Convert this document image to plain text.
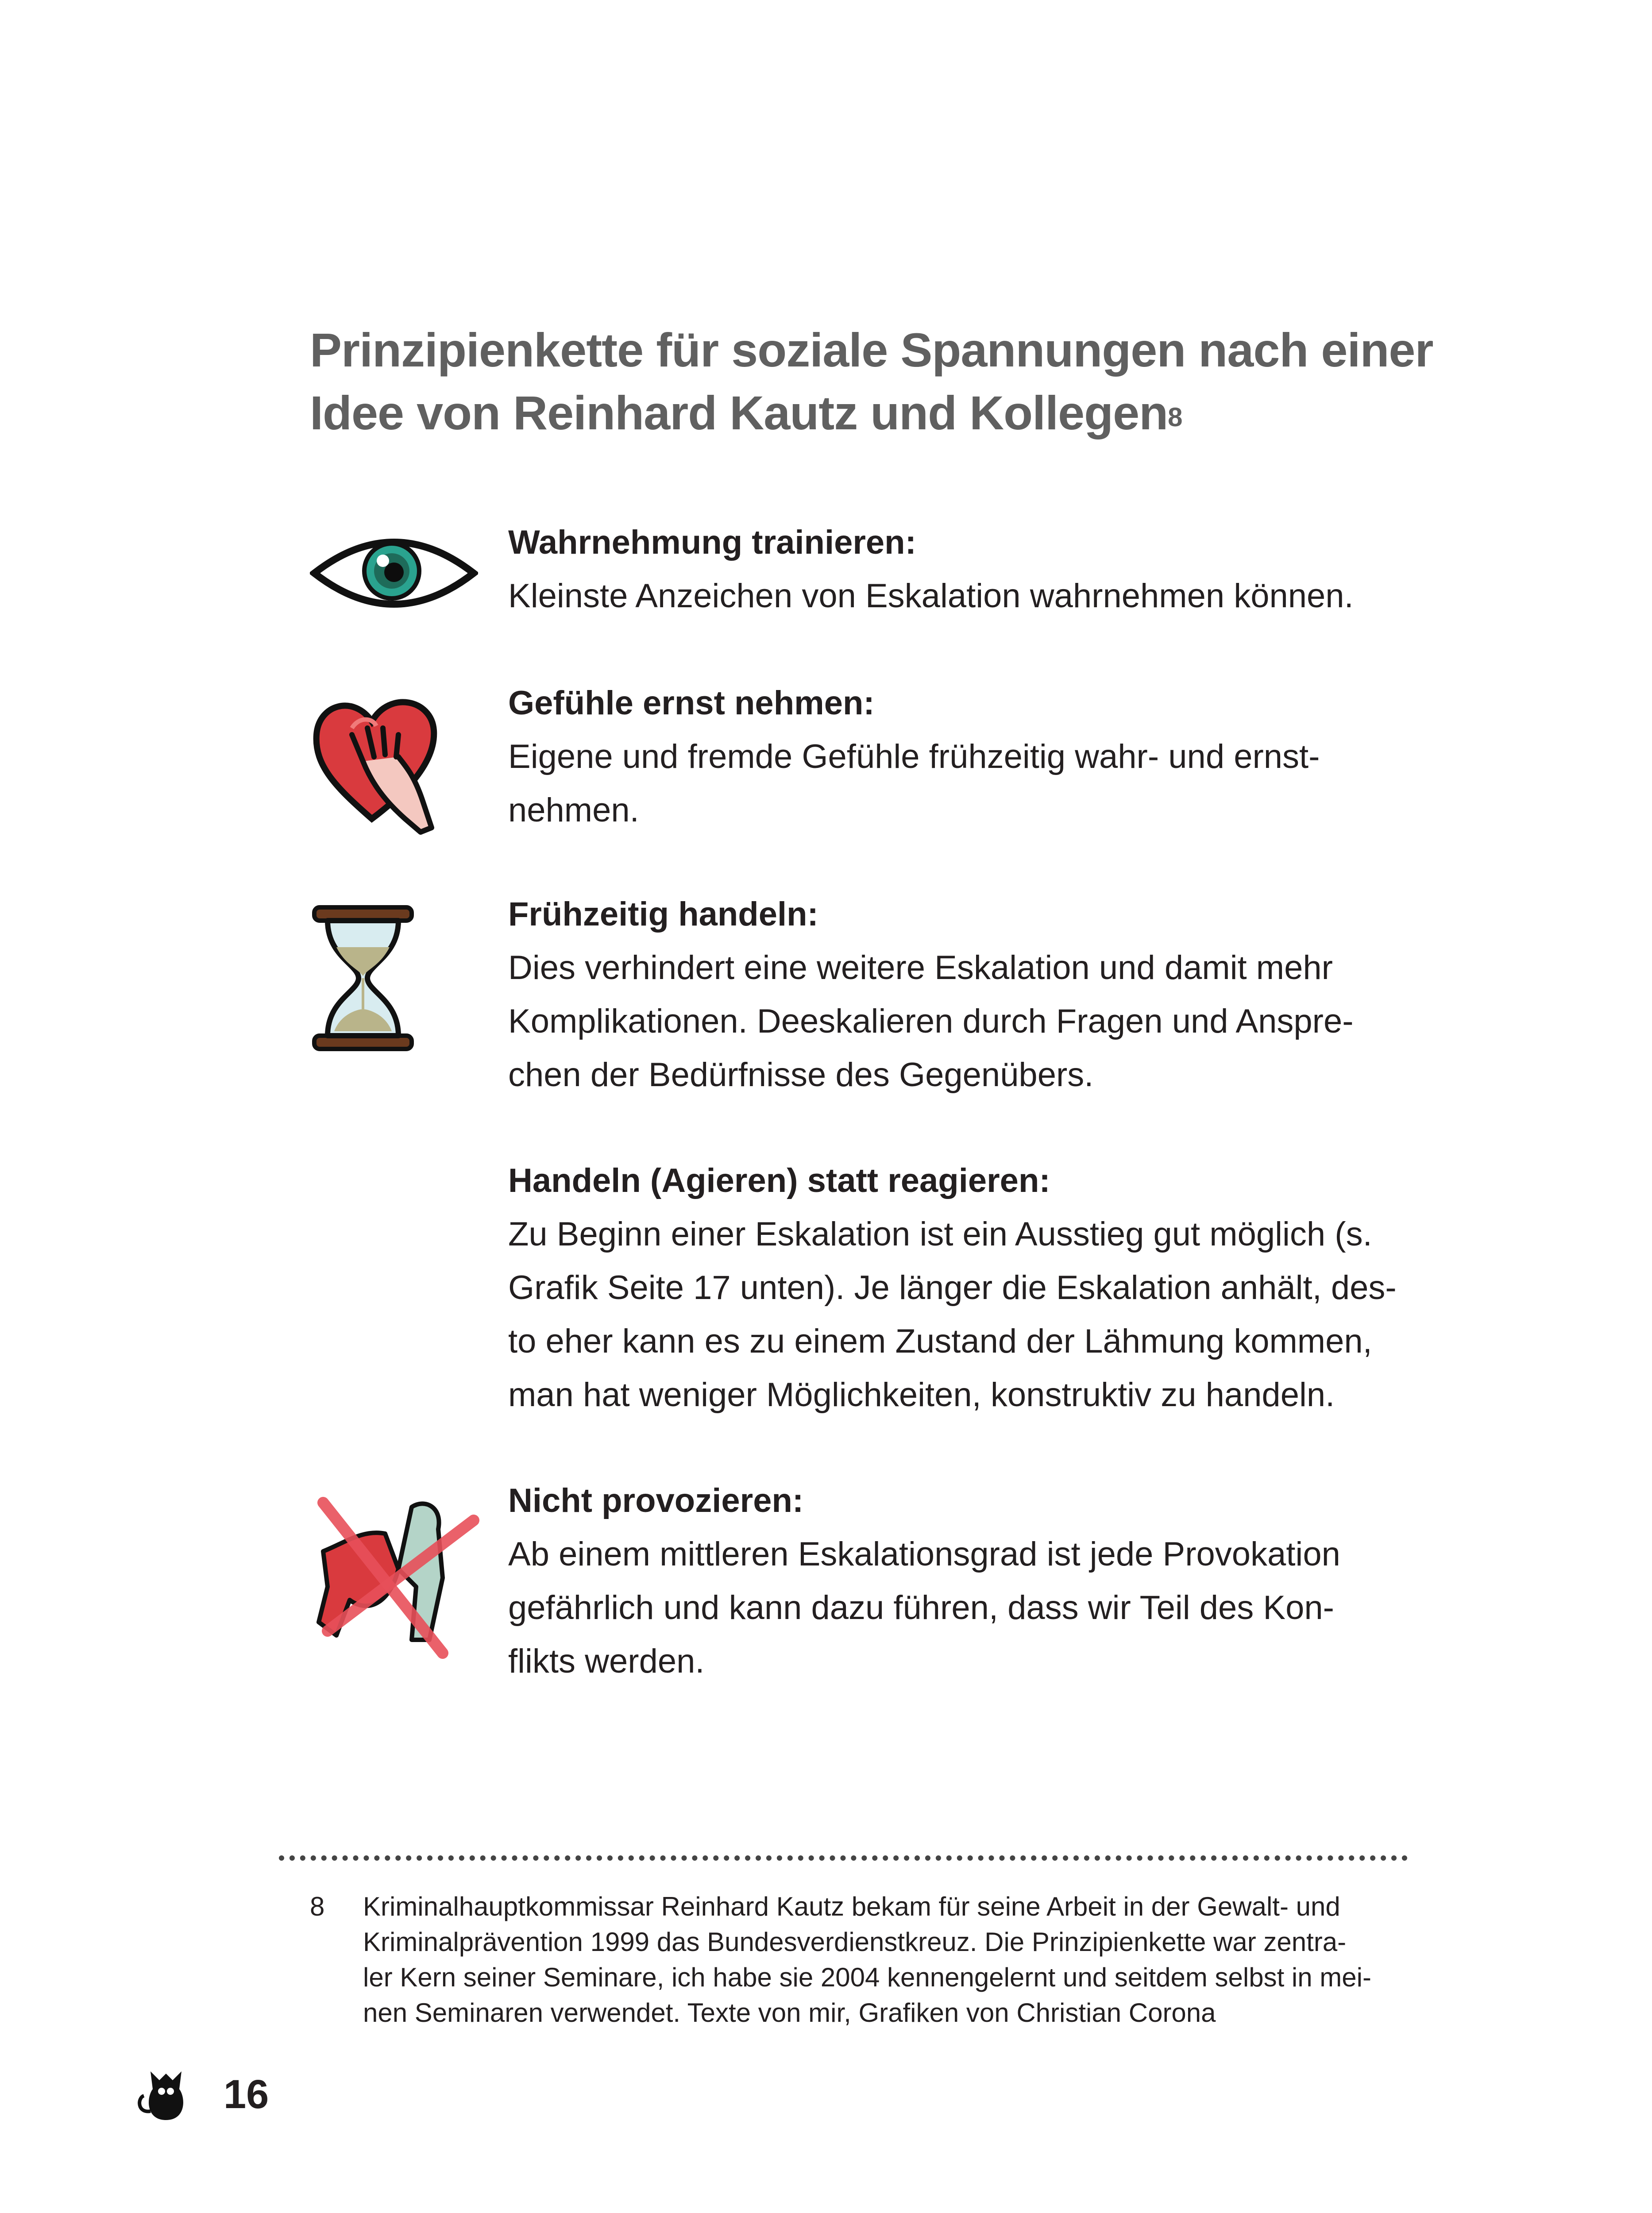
Prinzipienkette für soziale Spannungen nach einer
Idee von Reinhard Kautz und Kollegen$^8$
Wahrnehmung trainieren:
Kleinste Anzeichen von Eskalation wahrnehmen können.
Gefühle ernst nehmen:
Eigene und fremde Gefühle frühzeitig wahr- und ernst-
nehmen.
Frühzeitig handeln:
Dies verhindert eine weitere Eskalation und damit mehr
Komplikationen. Deeskalieren durch Fragen und Anspre-
chen der Bedürfnisse des Gegenübers.
Handeln (Agieren) statt reagieren:
Zu Beginn einer Eskalation ist ein Ausstieg gut möglich (s.
Grafik Seite 17 unten). Je länger die Eskalation anhält, des-
to eher kann es zu einem Zustand der Lähmung kommen,
man hat weniger Möglichkeiten, konstruktiv zu handeln.
Nicht provozieren:
Ab einem mittleren Eskalationsgrad ist jede Provokation
gefährlich und kann dazu führen, dass wir Teil des Kon-
flikts werden.
8 Kriminalhauptkommissar Reinhard Kautz bekam für seine Arbeit in der Gewalt- und
Kriminalprävention 1999 das Bundesverdienstkreuz. Die Prinzipienkette war zentra-
ler Kern seiner Seminare, ich habe sie 2004 kennengelernt und seitdem selbst in mei-
nen Seminaren verwendet. Texte von mir, Grafiken von Christian Corona
16
